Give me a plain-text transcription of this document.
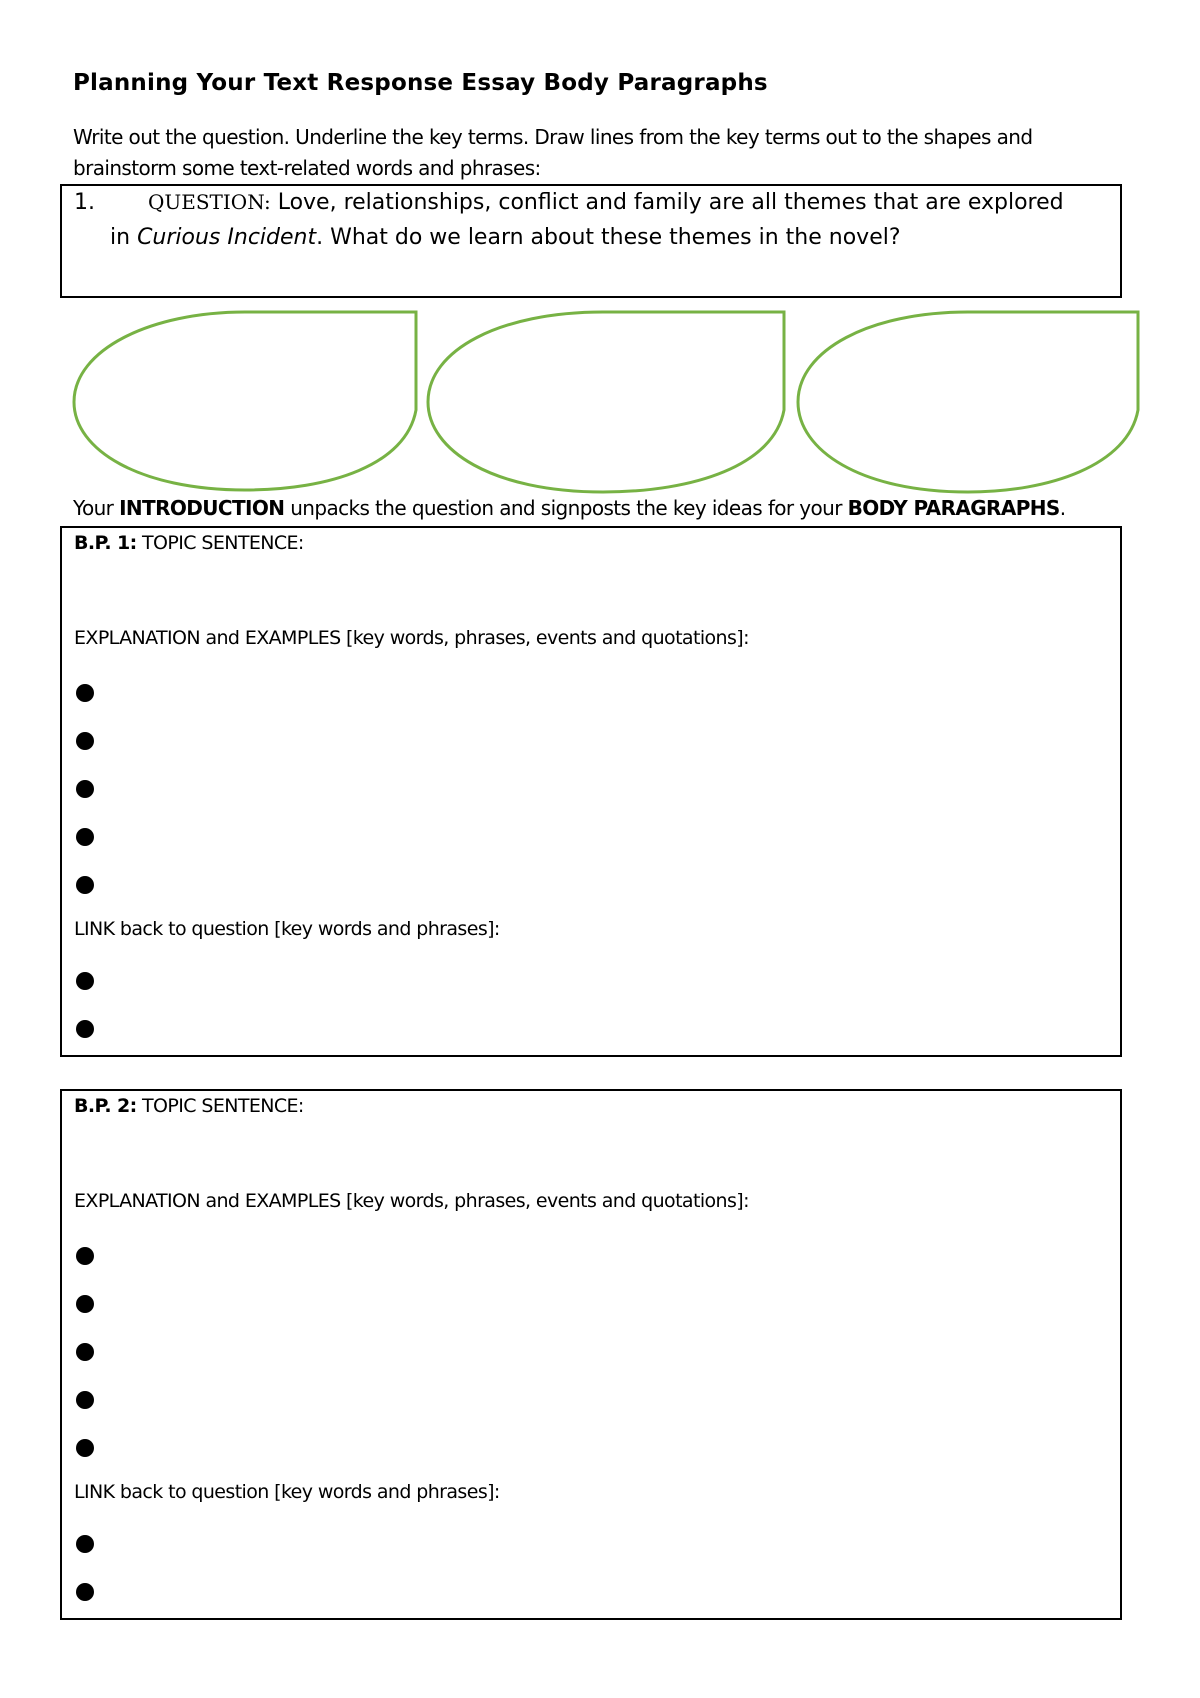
Planning Your Text Response Essay Body Paragraphs
Write out the question. Underline the key terms. Draw lines from the key terms out to the shapes and brainstorm some text-related words and phrases:
1.	QUESTION: Love, relationships, conflict and family are all themes that are explored
in Curious Incident. What do we learn about these themes in the novel?
Your INTRODUCTION unpacks the question and signposts the key ideas for your BODY PARAGRAPHS.
B.P. 1: TOPIC SENTENCE:
EXPLANATION and EXAMPLES [key words, phrases, events and quotations]:
LINK back to question [key words and phrases]:
B.P. 2: TOPIC SENTENCE:
EXPLANATION and EXAMPLES [key words, phrases, events and quotations]:
LINK back to question [key words and phrases]:
